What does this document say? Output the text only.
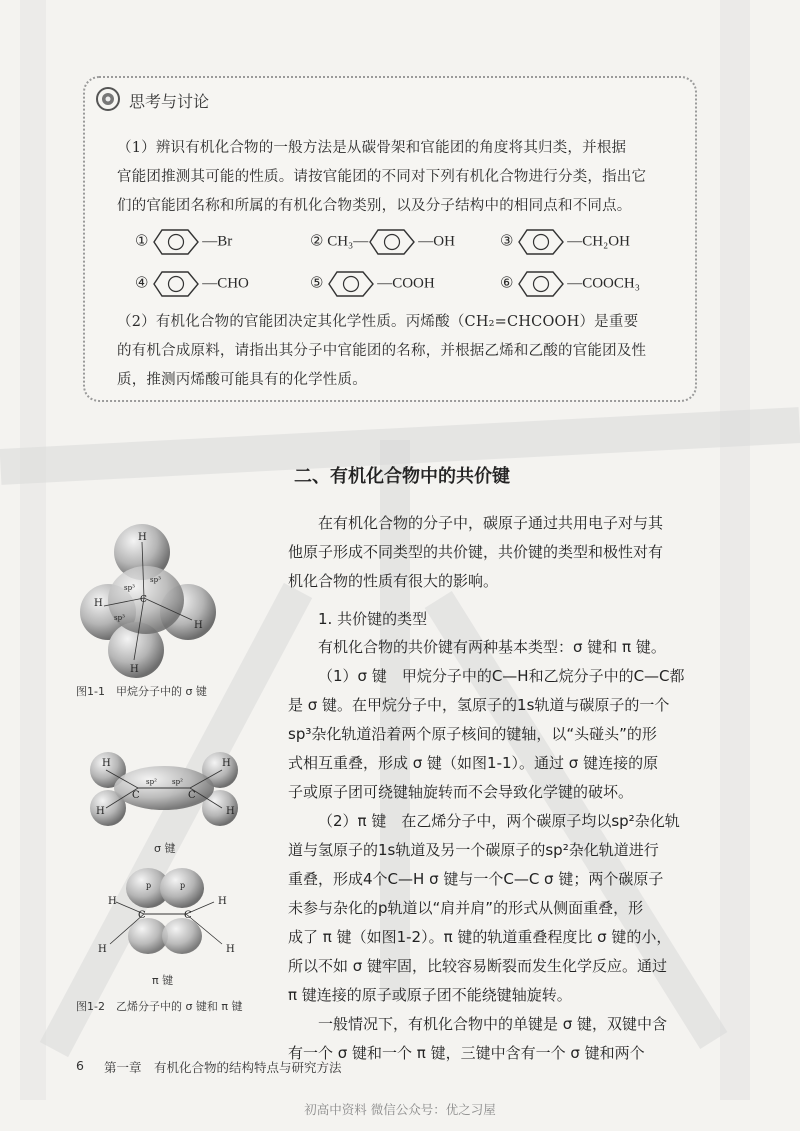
思考与讨论
（1）辨识有机化合物的一般方法是从碳骨架和官能团的角度将其归类，并根据
官能团推测其可能的性质。请按官能团的不同对下列有机化合物进行分类，指出它
们的官能团名称和所属的有机化合物类别，以及分子结构中的相同点和不同点。
①	—Br	② CH₃—	—OH	③	—CH₂OH
④	—CHO	⑤	—COOH	⑥	—COOCH₃
（2）有机化合物的官能团决定其化学性质。丙烯酸（CH₂=CHCOOH）是重要
的有机合成原料，请指出其分子中官能团的名称，并根据乙烯和乙酸的官能团及性
质，推测丙烯酸可能具有的化学性质。
二、有机化合物中的共价键
在有机化合物的分子中，碳原子通过共用电子对与其
他原子形成不同类型的共价键，共价键的类型和极性对有
机化合物的性质有很大的影响。
1. 共价键的类型
有机化合物的共价键有两种基本类型：σ 键和 π 键。
（1）σ 键　甲烷分子中的C—H和乙烷分子中的C—C都
是 σ 键。在甲烷分子中，氢原子的1s轨道与碳原子的一个
sp³杂化轨道沿着两个原子核间的键轴，以“头碰头”的形
式相互重叠，形成 σ 键（如图1-1）。通过 σ 键连接的原
子或原子团可绕键轴旋转而不会导致化学键的破坏。
（2）π 键　在乙烯分子中，两个碳原子均以sp²杂化轨
道与氢原子的1s轨道及另一个碳原子的sp²杂化轨道进行
重叠，形成4个C—H σ 键与一个C—C σ 键；两个碳原子
未参与杂化的p轨道以“肩并肩”的形式从侧面重叠，形
成了 π 键（如图1-2）。π 键的轨道重叠程度比 σ 键的小，
所以不如 σ 键牢固，比较容易断裂而发生化学反应。通过
π 键连接的原子或原子团不能绕键轴旋转。
一般情况下，有机化合物中的单键是 σ 键，双键中含
有一个 σ 键和一个 π 键，三键中含有一个 σ 键和两个
H
H	C
H
H
sp³
sp³
sp³
图1-1　甲烷分子中的 σ 键
H
H
C	C
H
H
sp² sp²
σ 键
p	p
H
C	C
H
H	H
π 键
图1-2　乙烯分子中的 σ 键和 π 键
6 第一章　有机化合物的结构特点与研究方法
初高中资料 微信公众号：优之习屋
